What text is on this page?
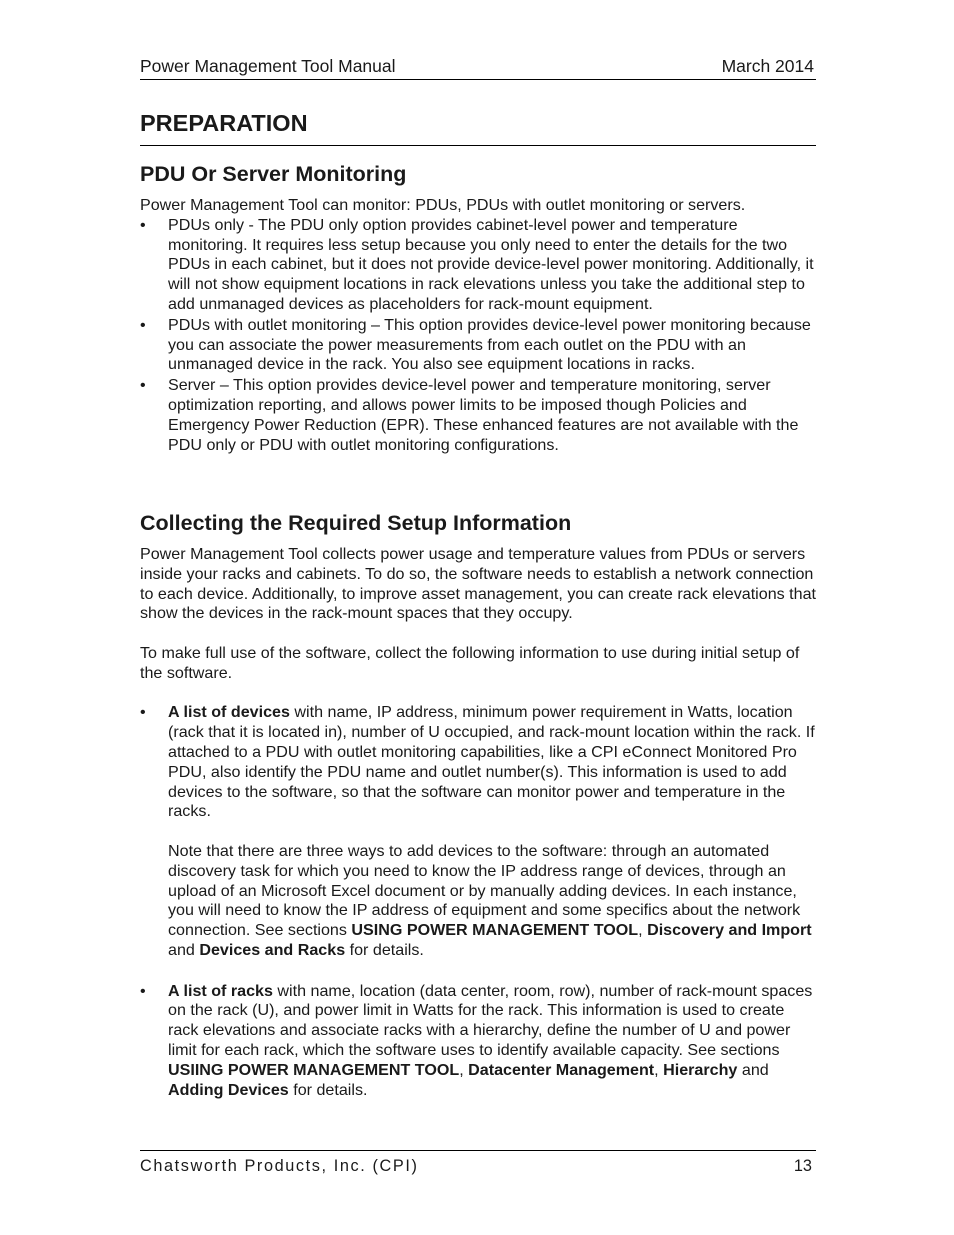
Power Management Tool Manual	March 2014
PREPARATION
PDU Or Server Monitoring

Power Management Tool can monitor: PDUs, PDUs with outlet monitoring or servers.

• PDUs only - The PDU only option provides cabinet-level power and temperature monitoring. It requires less setup because you only need to enter the details for the two PDUs in each cabinet, but it does not provide device-level power monitoring. Additionally, it will not show equipment locations in rack elevations unless you take the additional step to add unmanaged devices as placeholders for rack-mount equipment.
• PDUs with outlet monitoring – This option provides device-level power monitoring because you can associate the power measurements from each outlet on the PDU with an unmanaged device in the rack. You also see equipment locations in racks.
• Server – This option provides device-level power and temperature monitoring, server optimization reporting, and allows power limits to be imposed though Policies and Emergency Power Reduction (EPR). These enhanced features are not available with the PDU only or PDU with outlet monitoring configurations.
Collecting the Required Setup Information

Power Management Tool collects power usage and temperature values from PDUs or servers inside your racks and cabinets. To do so, the software needs to establish a network connection to each device. Additionally, to improve asset management, you can create rack elevations that show the devices in the rack-mount spaces that they occupy.

To make full use of the software, collect the following information to use during initial setup of the software.

• A list of devices with name, IP address, minimum power requirement in Watts, location (rack that it is located in), number of U occupied, and rack-mount location within the rack. If attached to a PDU with outlet monitoring capabilities, like a CPI eConnect Monitored Pro PDU, also identify the PDU name and outlet number(s). This information is used to add devices to the software, so that the software can monitor power and temperature in the racks.
Note that there are three ways to add devices to the software: through an automated discovery task for which you need to know the IP address range of devices, through an upload of an Microsoft Excel document or by manually adding devices. In each instance, you will need to know the IP address of equipment and some specifics about the network connection. See sections USING POWER MANAGEMENT TOOL, Discovery and Import and Devices and Racks for details.
• A list of racks with name, location (data center, room, row), number of rack-mount spaces on the rack (U), and power limit in Watts for the rack. This information is used to create rack elevations and associate racks with a hierarchy, define the number of U and power limit for each rack, which the software uses to identify available capacity. See sections USIING POWER MANAGEMENT TOOL, Datacenter Management, Hierarchy and Adding Devices for details.
Chatsworth Products, Inc. (CPI)	13
